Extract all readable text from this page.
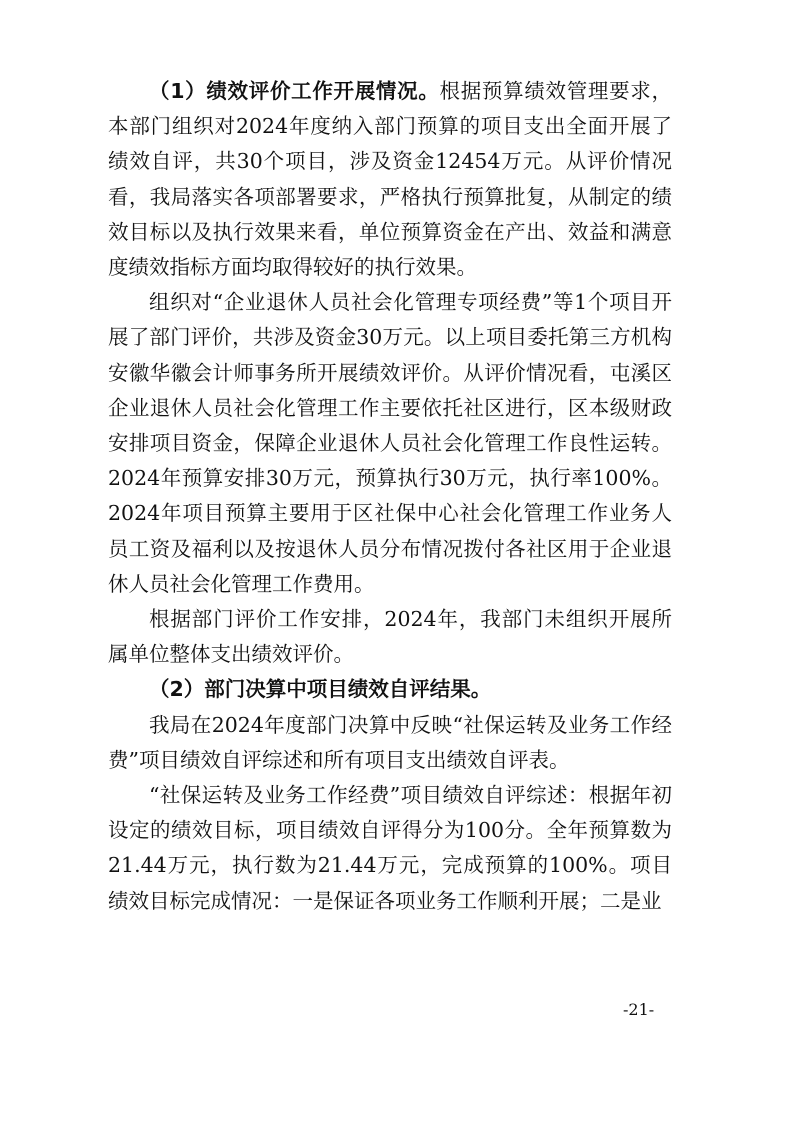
（1）绩效评价工作开展情况。根据预算绩效管理要求，本部门组织对2024年度纳入部门预算的项目支出全面开展了绩效自评，共30个项目，涉及资金12454万元。从评价情况看，我局落实各项部署要求，严格执行预算批复，从制定的绩效目标以及执行效果来看，单位预算资金在产出、效益和满意度绩效指标方面均取得较好的执行效果。

组织对“企业退休人员社会化管理专项经费”等1个项目开展了部门评价，共涉及资金30万元。以上项目委托第三方机构安徽华徽会计师事务所开展绩效评价。从评价情况看，屯溪区企业退休人员社会化管理工作主要依托社区进行，区本级财政安排项目资金，保障企业退休人员社会化管理工作良性运转。2024年预算安排30万元，预算执行30万元，执行率100%。2024年项目预算主要用于区社保中心社会化管理工作业务人员工资及福利以及按退休人员分布情况拨付各社区用于企业退休人员社会化管理工作费用。

根据部门评价工作安排，2024年，我部门未组织开展所属单位整体支出绩效评价。

（2）部门决算中项目绩效自评结果。

我局在2024年度部门决算中反映“社保运转及业务工作经费”项目绩效自评综述和所有项目支出绩效自评表。

“社保运转及业务工作经费”项目绩效自评综述：根据年初设定的绩效目标，项目绩效自评得分为100分。全年预算数为21.44万元，执行数为21.44万元，完成预算的100%。项目绩效目标完成情况：一是保证各项业务工作顺利开展；二是业

-21-
